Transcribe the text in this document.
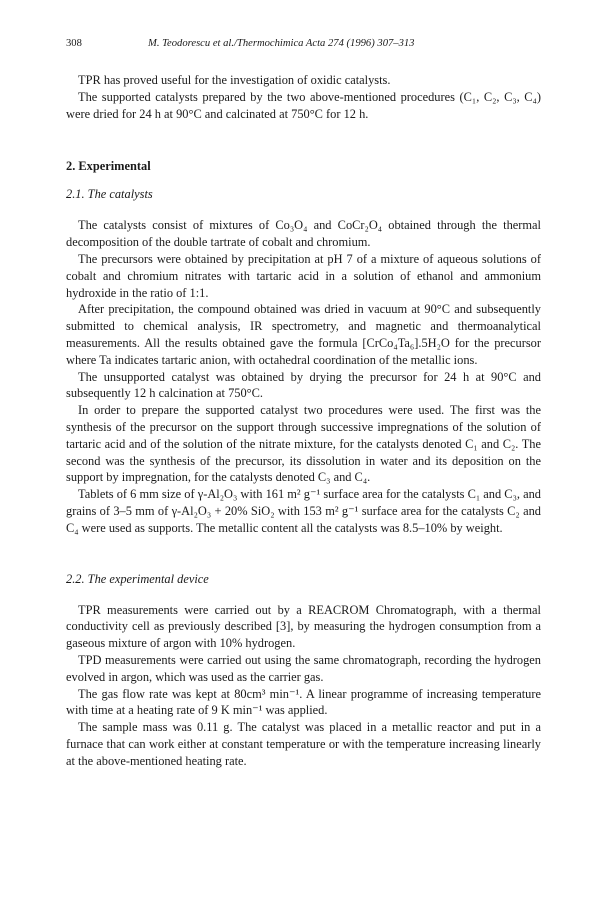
308	M. Teodorescu et al./Thermochimica Acta 274 (1996) 307–313

TPR has proved useful for the investigation of oxidic catalysts.

The supported catalysts prepared by the two above-mentioned procedures (C₁, C₂, C₃, C₄) were dried for 24 h at 90°C and calcinated at 750°C for 12 h.

2. Experimental
2.1. The catalysts

The catalysts consist of mixtures of Co₃O₄ and CoCr₂O₄ obtained through the thermal decomposition of the double tartrate of cobalt and chromium.

The precursors were obtained by precipitation at pH 7 of a mixture of aqueous solutions of cobalt and chromium nitrates with tartaric acid in a solution of ethanol and ammonium hydroxide in the ratio of 1:1.

After precipitation, the compound obtained was dried in vacuum at 90°C and subsequently submitted to chemical analysis, IR spectrometry, and magnetic and thermoanalytical measurements. All the results obtained gave the formula [CrCo₄Ta₆].5H₂O for the precursor where Ta indicates tartaric anion, with octahedral coordination of the metallic ions.

The unsupported catalyst was obtained by drying the precursor for 24 h at 90°C and subsequently 12 h calcination at 750°C.

In order to prepare the supported catalyst two procedures were used. The first was the synthesis of the precursor on the support through successive impregnations of the solution of tartaric acid and of the solution of the nitrate mixture, for the catalysts denoted C₁ and C₂. The second was the synthesis of the precursor, its dissolution in water and its deposition on the support by impregnation, for the catalysts denoted C₃ and C₄.

Tablets of 6 mm size of γ-Al₂O₃ with 161 m² g⁻¹ surface area for the catalysts C₁ and C₃, and grains of 3–5 mm of γ-Al₂O₃ + 20% SiO₂ with 153 m² g⁻¹ surface area for the catalysts C₂ and C₄ were used as supports. The metallic content all the catalysts was 8.5–10% by weight.

2.2. The experimental device

TPR measurements were carried out by a REACROM Chromatograph, with a thermal conductivity cell as previously described [3], by measuring the hydrogen consumption from a gaseous mixture of argon with 10% hydrogen.

TPD measurements were carried out using the same chromatograph, recording the hydrogen evolved in argon, which was used as the carrier gas.

The gas flow rate was kept at 80cm³ min⁻¹. A linear programme of increasing temperature with time at a heating rate of 9 K min⁻¹ was applied.

The sample mass was 0.11 g. The catalyst was placed in a metallic reactor and put in a furnace that can work either at constant temperature or with the temperature increasing linearly at the above-mentioned heating rate.
